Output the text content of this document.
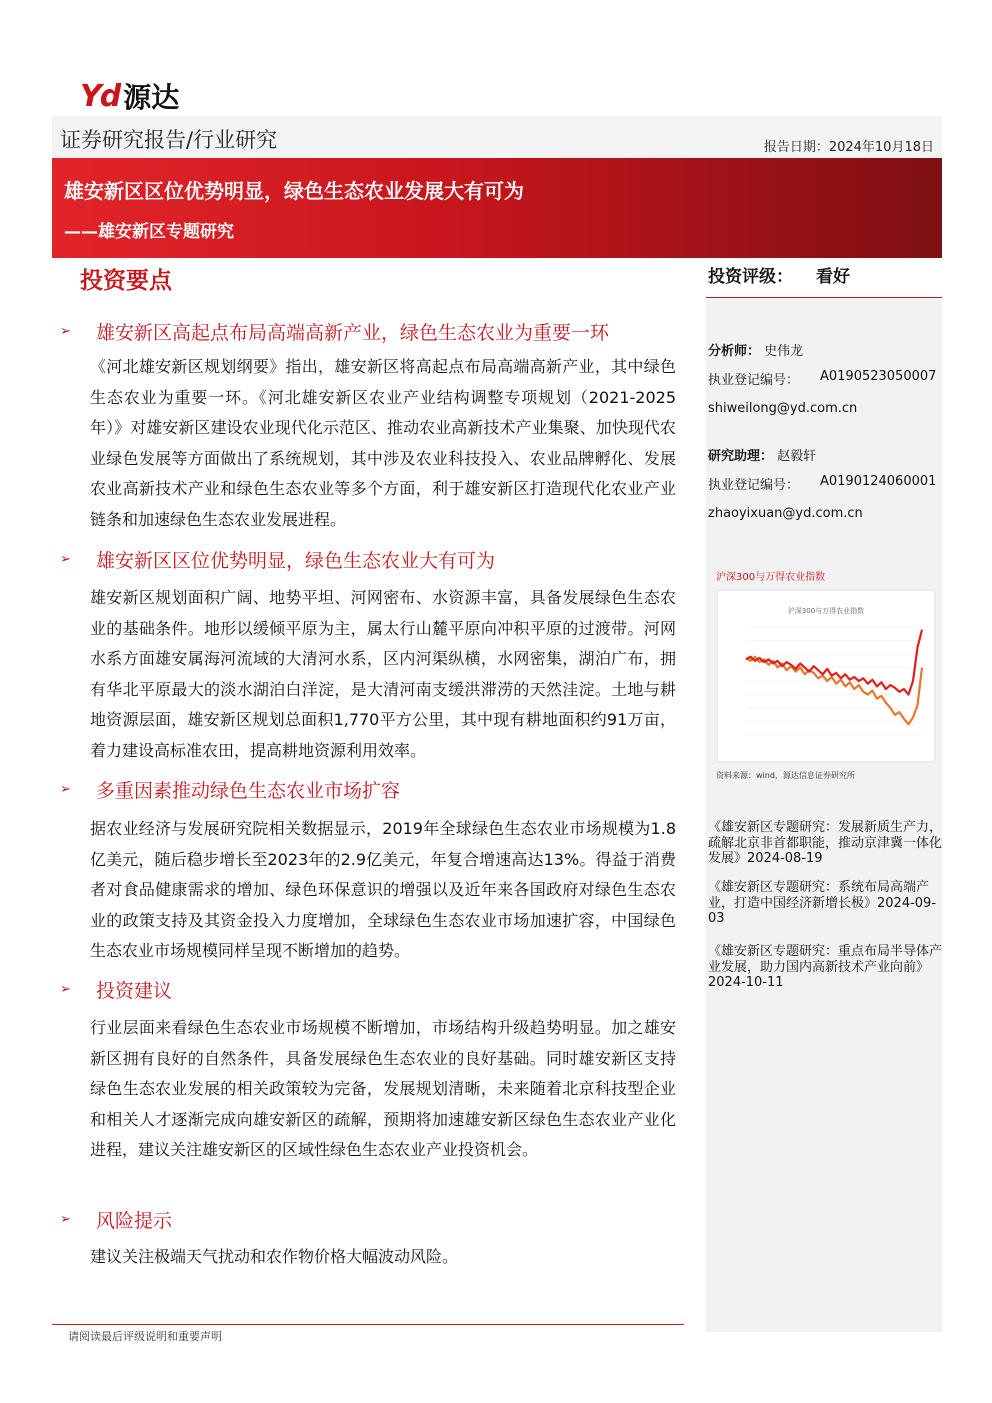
Yd 源达
证券研究报告/行业研究	报告日期：2024年10月18日
雄安新区区位优势明显，绿色生态农业发展大有可为
——雄安新区专题研究
投资要点
➢	雄安新区高起点布局高端高新产业，绿色生态农业为重要一环
《河北雄安新区规划纲要》指出，雄安新区将高起点布局高端高新产业，其中绿色生态农业为重要一环。《河北雄安新区农业产业结构调整专项规划（2021-2025年）》对雄安新区建设农业现代化示范区、推动农业高新技术产业集聚、加快现代农业绿色发展等方面做出了系统规划，其中涉及农业科技投入、农业品牌孵化、发展农业高新技术产业和绿色生态农业等多个方面，利于雄安新区打造现代化农业产业链条和加速绿色生态农业发展进程。
➢	雄安新区区位优势明显，绿色生态农业大有可为
雄安新区规划面积广阔、地势平坦、河网密布、水资源丰富，具备发展绿色生态农业的基础条件。地形以缓倾平原为主，属太行山麓平原向冲积平原的过渡带。河网水系方面雄安属海河流域的大清河水系，区内河渠纵横，水网密集，湖泊广布，拥有华北平原最大的淡水湖泊白洋淀，是大清河南支缓洪滞涝的天然洼淀。土地与耕地资源层面，雄安新区规划总面积1,770平方公里，其中现有耕地面积约91万亩，着力建设高标准农田，提高耕地资源利用效率。
➢	多重因素推动绿色生态农业市场扩容
据农业经济与发展研究院相关数据显示，2019年全球绿色生态农业市场规模为1.8亿美元，随后稳步增长至2023年的2.9亿美元，年复合增速高达13%。得益于消费者对食品健康需求的增加、绿色环保意识的增强以及近年来各国政府对绿色生态农业的政策支持及其资金投入力度增加，全球绿色生态农业市场加速扩容，中国绿色生态农业市场规模同样呈现不断增加的趋势。
➢	投资建议
行业层面来看绿色生态农业市场规模不断增加，市场结构升级趋势明显。加之雄安新区拥有良好的自然条件，具备发展绿色生态农业的良好基础。同时雄安新区支持绿色生态农业发展的相关政策较为完备，发展规划清晰，未来随着北京科技型企业和相关人才逐渐完成向雄安新区的疏解，预期将加速雄安新区绿色生态农业产业化进程，建议关注雄安新区的区域性绿色生态农业产业投资机会。
➢	风险提示
建议关注极端天气扰动和农作物价格大幅波动风险。
投资评级： 看好
分析师： 史伟龙
执业登记编号： A0190523050007
shiweilong@yd.com.cn
研究助理： 赵毅轩
执业登记编号： A0190124060001
zhaoyixuan@yd.com.cn
沪深300与万得农业指数
沪深300与万得农业指数
资料来源：wind，源达信息证券研究所
《雄安新区专题研究：发展新质生产力，疏解北京非首都职能，推动京津冀一体化发展》2024-08-19
《雄安新区专题研究：系统布局高端产业，打造中国经济新增长极》2024-09-03
《雄安新区专题研究：重点布局半导体产业发展，助力国内高新技术产业向前》2024-10-11
请阅读最后评级说明和重要声明
